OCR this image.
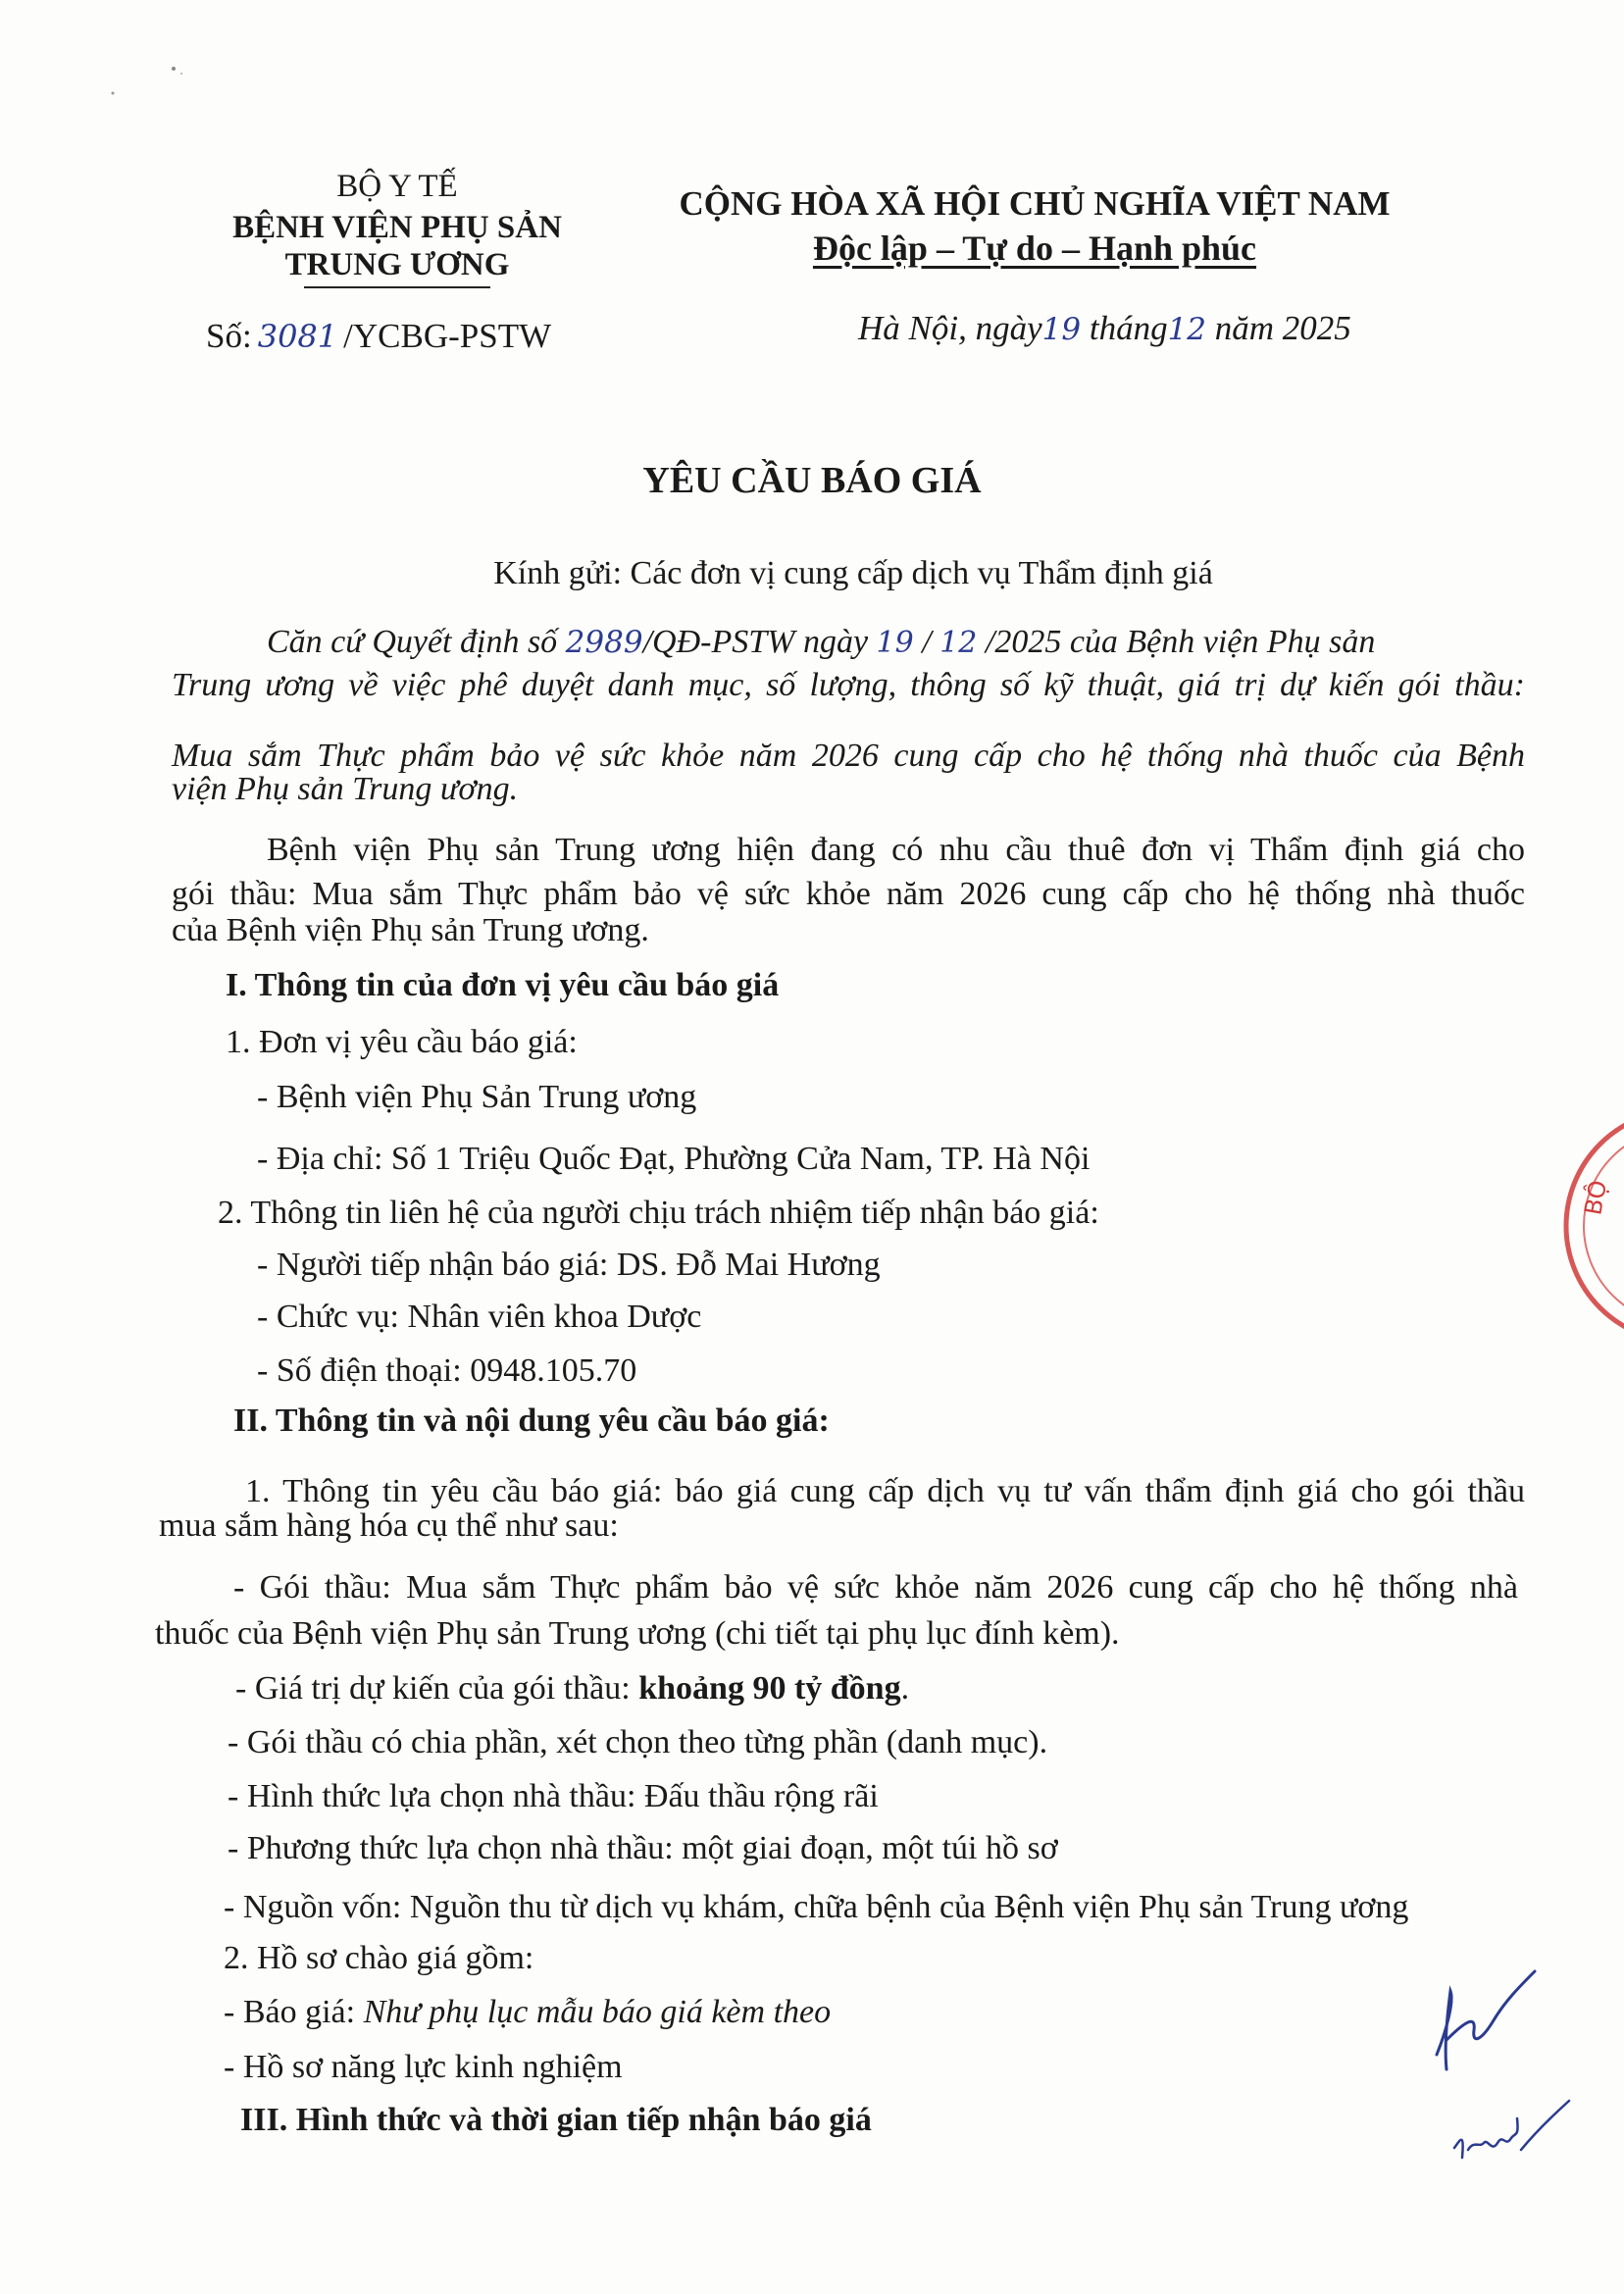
BỘ Y TẾ
BỆNH VIỆN PHỤ SẢN
TRUNG ƯƠNG
Số: 3081 /YCBG-PSTW
CỘNG HÒA XÃ HỘI CHỦ NGHĨA VIỆT NAM
Độc lập – Tự do – Hạnh phúc
Hà Nội, ngày19 tháng12 năm 2025
YÊU CẦU BÁO GIÁ
Kính gửi: Các đơn vị cung cấp dịch vụ Thẩm định giá
Căn cứ Quyết định số 2989/QĐ-PSTW ngày 19 / 12 /2025 của Bệnh viện Phụ sản
Trung ương về việc phê duyệt danh mục, số lượng, thông số kỹ thuật, giá trị dự kiến gói thầu:
Mua sắm Thực phẩm bảo vệ sức khỏe năm 2026 cung cấp cho hệ thống nhà thuốc của Bệnh
viện Phụ sản Trung ương.
Bệnh viện Phụ sản Trung ương hiện đang có nhu cầu thuê đơn vị Thẩm định giá cho
gói thầu: Mua sắm Thực phẩm bảo vệ sức khỏe năm 2026 cung cấp cho hệ thống nhà thuốc
của Bệnh viện Phụ sản Trung ương.
I. Thông tin của đơn vị yêu cầu báo giá
1. Đơn vị yêu cầu báo giá:
- Bệnh viện Phụ Sản Trung ương
- Địa chỉ: Số 1 Triệu Quốc Đạt, Phường Cửa Nam, TP. Hà Nội
2. Thông tin liên hệ của người chịu trách nhiệm tiếp nhận báo giá:
- Người tiếp nhận báo giá: DS. Đỗ Mai Hương
- Chức vụ: Nhân viên khoa Dược
- Số điện thoại: 0948.105.70
II. Thông tin và nội dung yêu cầu báo giá:
1. Thông tin yêu cầu báo giá: báo giá cung cấp dịch vụ tư vấn thẩm định giá cho gói thầu
mua sắm hàng hóa cụ thể như sau:
- Gói thầu: Mua sắm Thực phẩm bảo vệ sức khỏe năm 2026 cung cấp cho hệ thống nhà
thuốc của Bệnh viện Phụ sản Trung ương (chi tiết tại phụ lục đính kèm).
- Giá trị dự kiến của gói thầu: khoảng 90 tỷ đồng.
- Gói thầu có chia phần, xét chọn theo từng phần (danh mục).
- Hình thức lựa chọn nhà thầu: Đấu thầu rộng rãi
- Phương thức lựa chọn nhà thầu: một giai đoạn, một túi hồ sơ
- Nguồn vốn: Nguồn thu từ dịch vụ khám, chữa bệnh của Bệnh viện Phụ sản Trung ương
2. Hồ sơ chào giá gồm:
- Báo giá: Như phụ lục mẫu báo giá kèm theo
- Hồ sơ năng lực kinh nghiệm
III. Hình thức và thời gian tiếp nhận báo giá
BỘ
